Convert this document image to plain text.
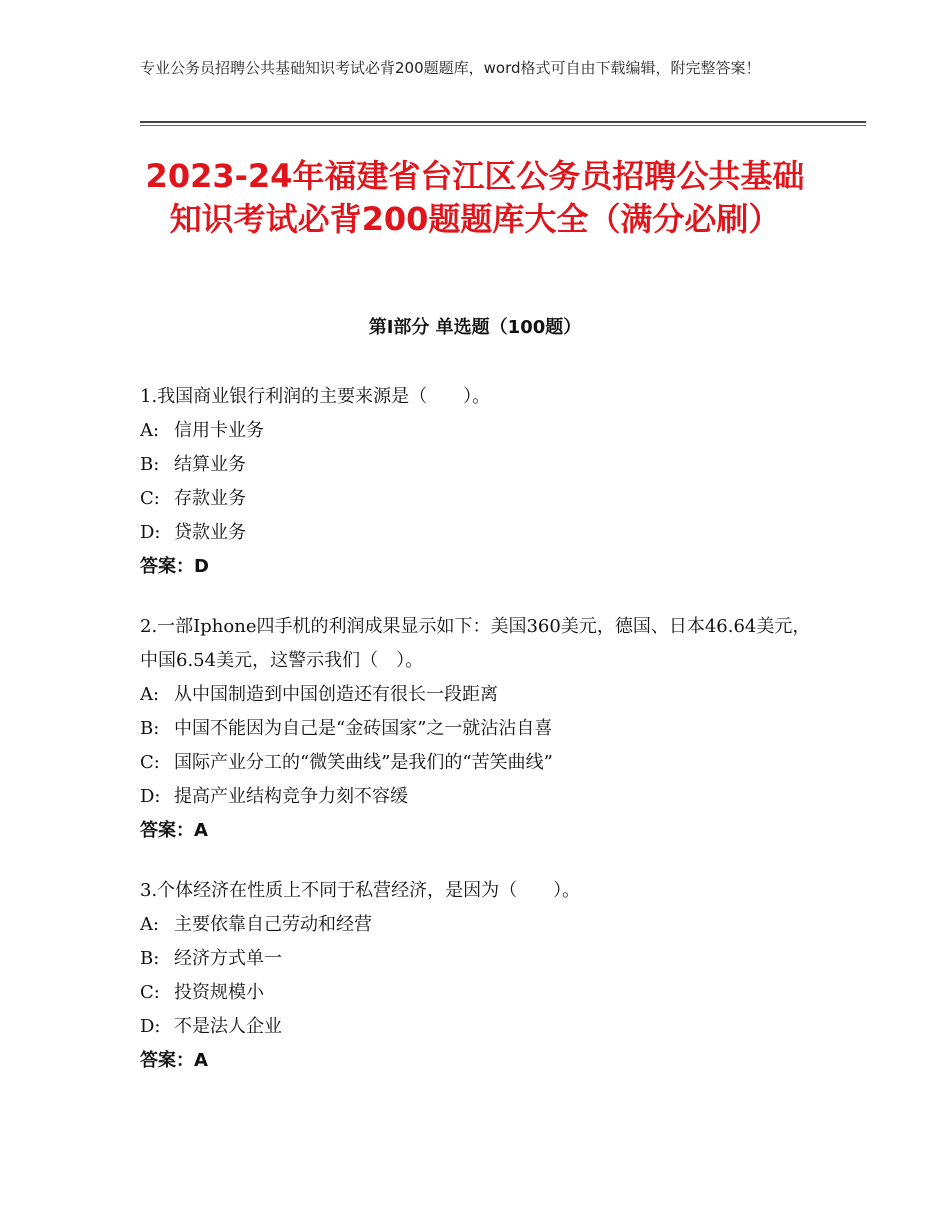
专业公务员招聘公共基础知识考试必背200题题库，word格式可自由下载编辑，附完整答案！
2023-24年福建省台江区公务员招聘公共基础知识考试必背200题题库大全（满分必刷）
第Ⅰ部分 单选题（100题）
1.我国商业银行利润的主要来源是（　　）。
A: 信用卡业务
B: 结算业务
C: 存款业务
D: 贷款业务
答案：D
2.一部Iphone四手机的利润成果显示如下：美国360美元，德国、日本46.64美元，中国6.54美元，这警示我们（　）。
A: 从中国制造到中国创造还有很长一段距离
B: 中国不能因为自己是“金砖国家”之一就沾沾自喜
C: 国际产业分工的“微笑曲线”是我们的“苦笑曲线”
D: 提高产业结构竞争力刻不容缓
答案：A
3.个体经济在性质上不同于私营经济，是因为（　　）。
A: 主要依靠自己劳动和经营
B: 经济方式单一
C: 投资规模小
D: 不是法人企业
答案：A
